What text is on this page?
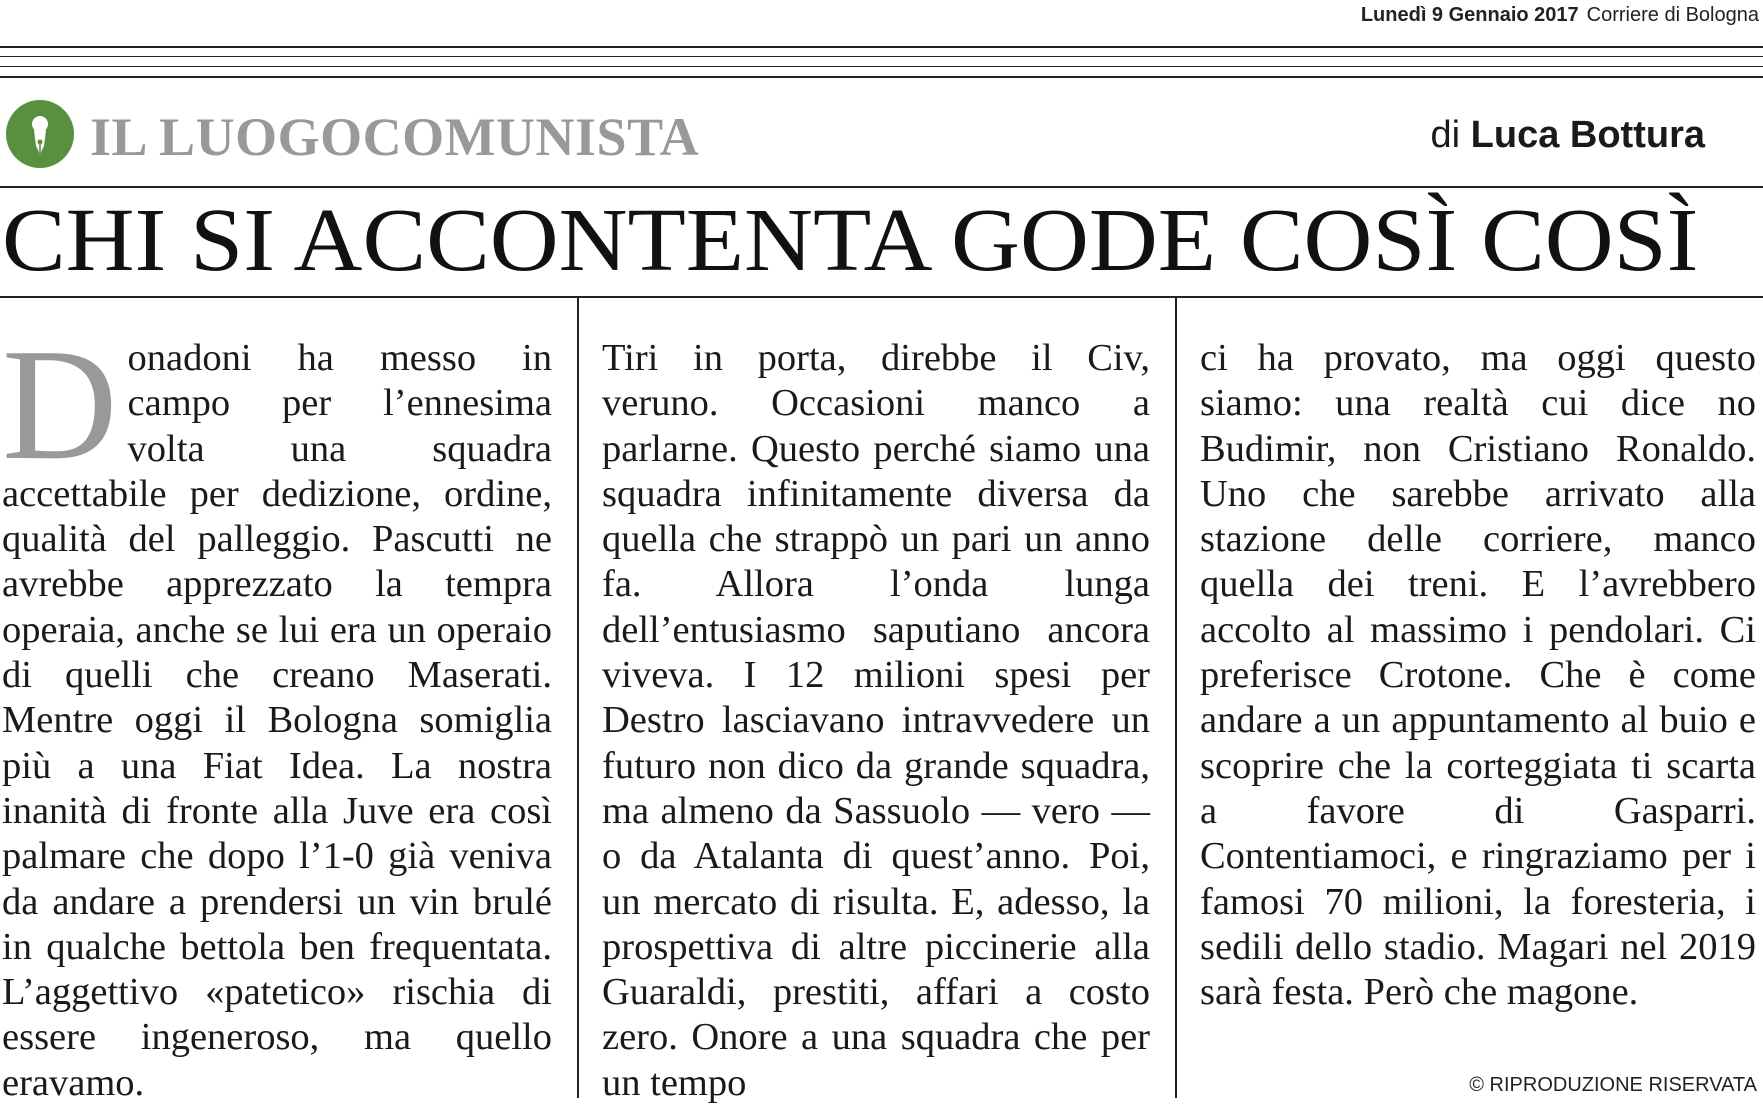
Lunedì 9 Gennaio 2017 Corriere di Bologna
IL LUOGOCOMUNISTA	di Luca Bottura
CHI SI ACCONTENTA GODE COSÌ COSÌ
D onadoni ha messo in campo per l’ennesima volta una squadra accettabile per dedizione, ordine, qualità del palleggio. Pascutti ne avrebbe apprezzato la tempra operaia, anche se lui era un operaio di quelli che creano Maserati. Mentre oggi il Bologna somiglia più a una Fiat Idea. La nostra inanità di fronte alla Juve era così palmare che dopo l’1-0 già veniva da andare a prendersi un vin brulé in qualche bettola ben frequentata. L’aggettivo «patetico» rischia di essere ingeneroso, ma quello eravamo.

Tiri in porta, direbbe il Civ, veruno. Occasioni manco a parlarne. Questo perché siamo una squadra infinitamente diversa da quella che strappò un pari un anno fa. Allora l’onda lunga dell’entusiasmo saputiano ancora viveva. I 12 milioni spesi per Destro lasciavano intravvedere un futuro non dico da grande squadra, ma almeno da Sassuolo — vero — o da Atalanta di quest’anno. Poi, un mercato di risulta. E, adesso, la prospettiva di altre piccinerie alla Guaraldi, prestiti, affari a costo zero. Onore a una squadra che per un tempo

ci ha provato, ma oggi questo siamo: una realtà cui dice no Budimir, non Cristiano Ronaldo. Uno che sarebbe arrivato alla stazione delle corriere, manco quella dei treni. E l’avrebbero accolto al massimo i pendolari. Ci preferisce Crotone. Che è come andare a un appuntamento al buio e scoprire che la corteggiata ti scarta a favore di Gasparri. Contentiamoci, e ringraziamo per i famosi 70 milioni, la foresteria, i sedili dello stadio. Magari nel 2019 sarà festa. Però che magone.

© RIPRODUZIONE RISERVATA
